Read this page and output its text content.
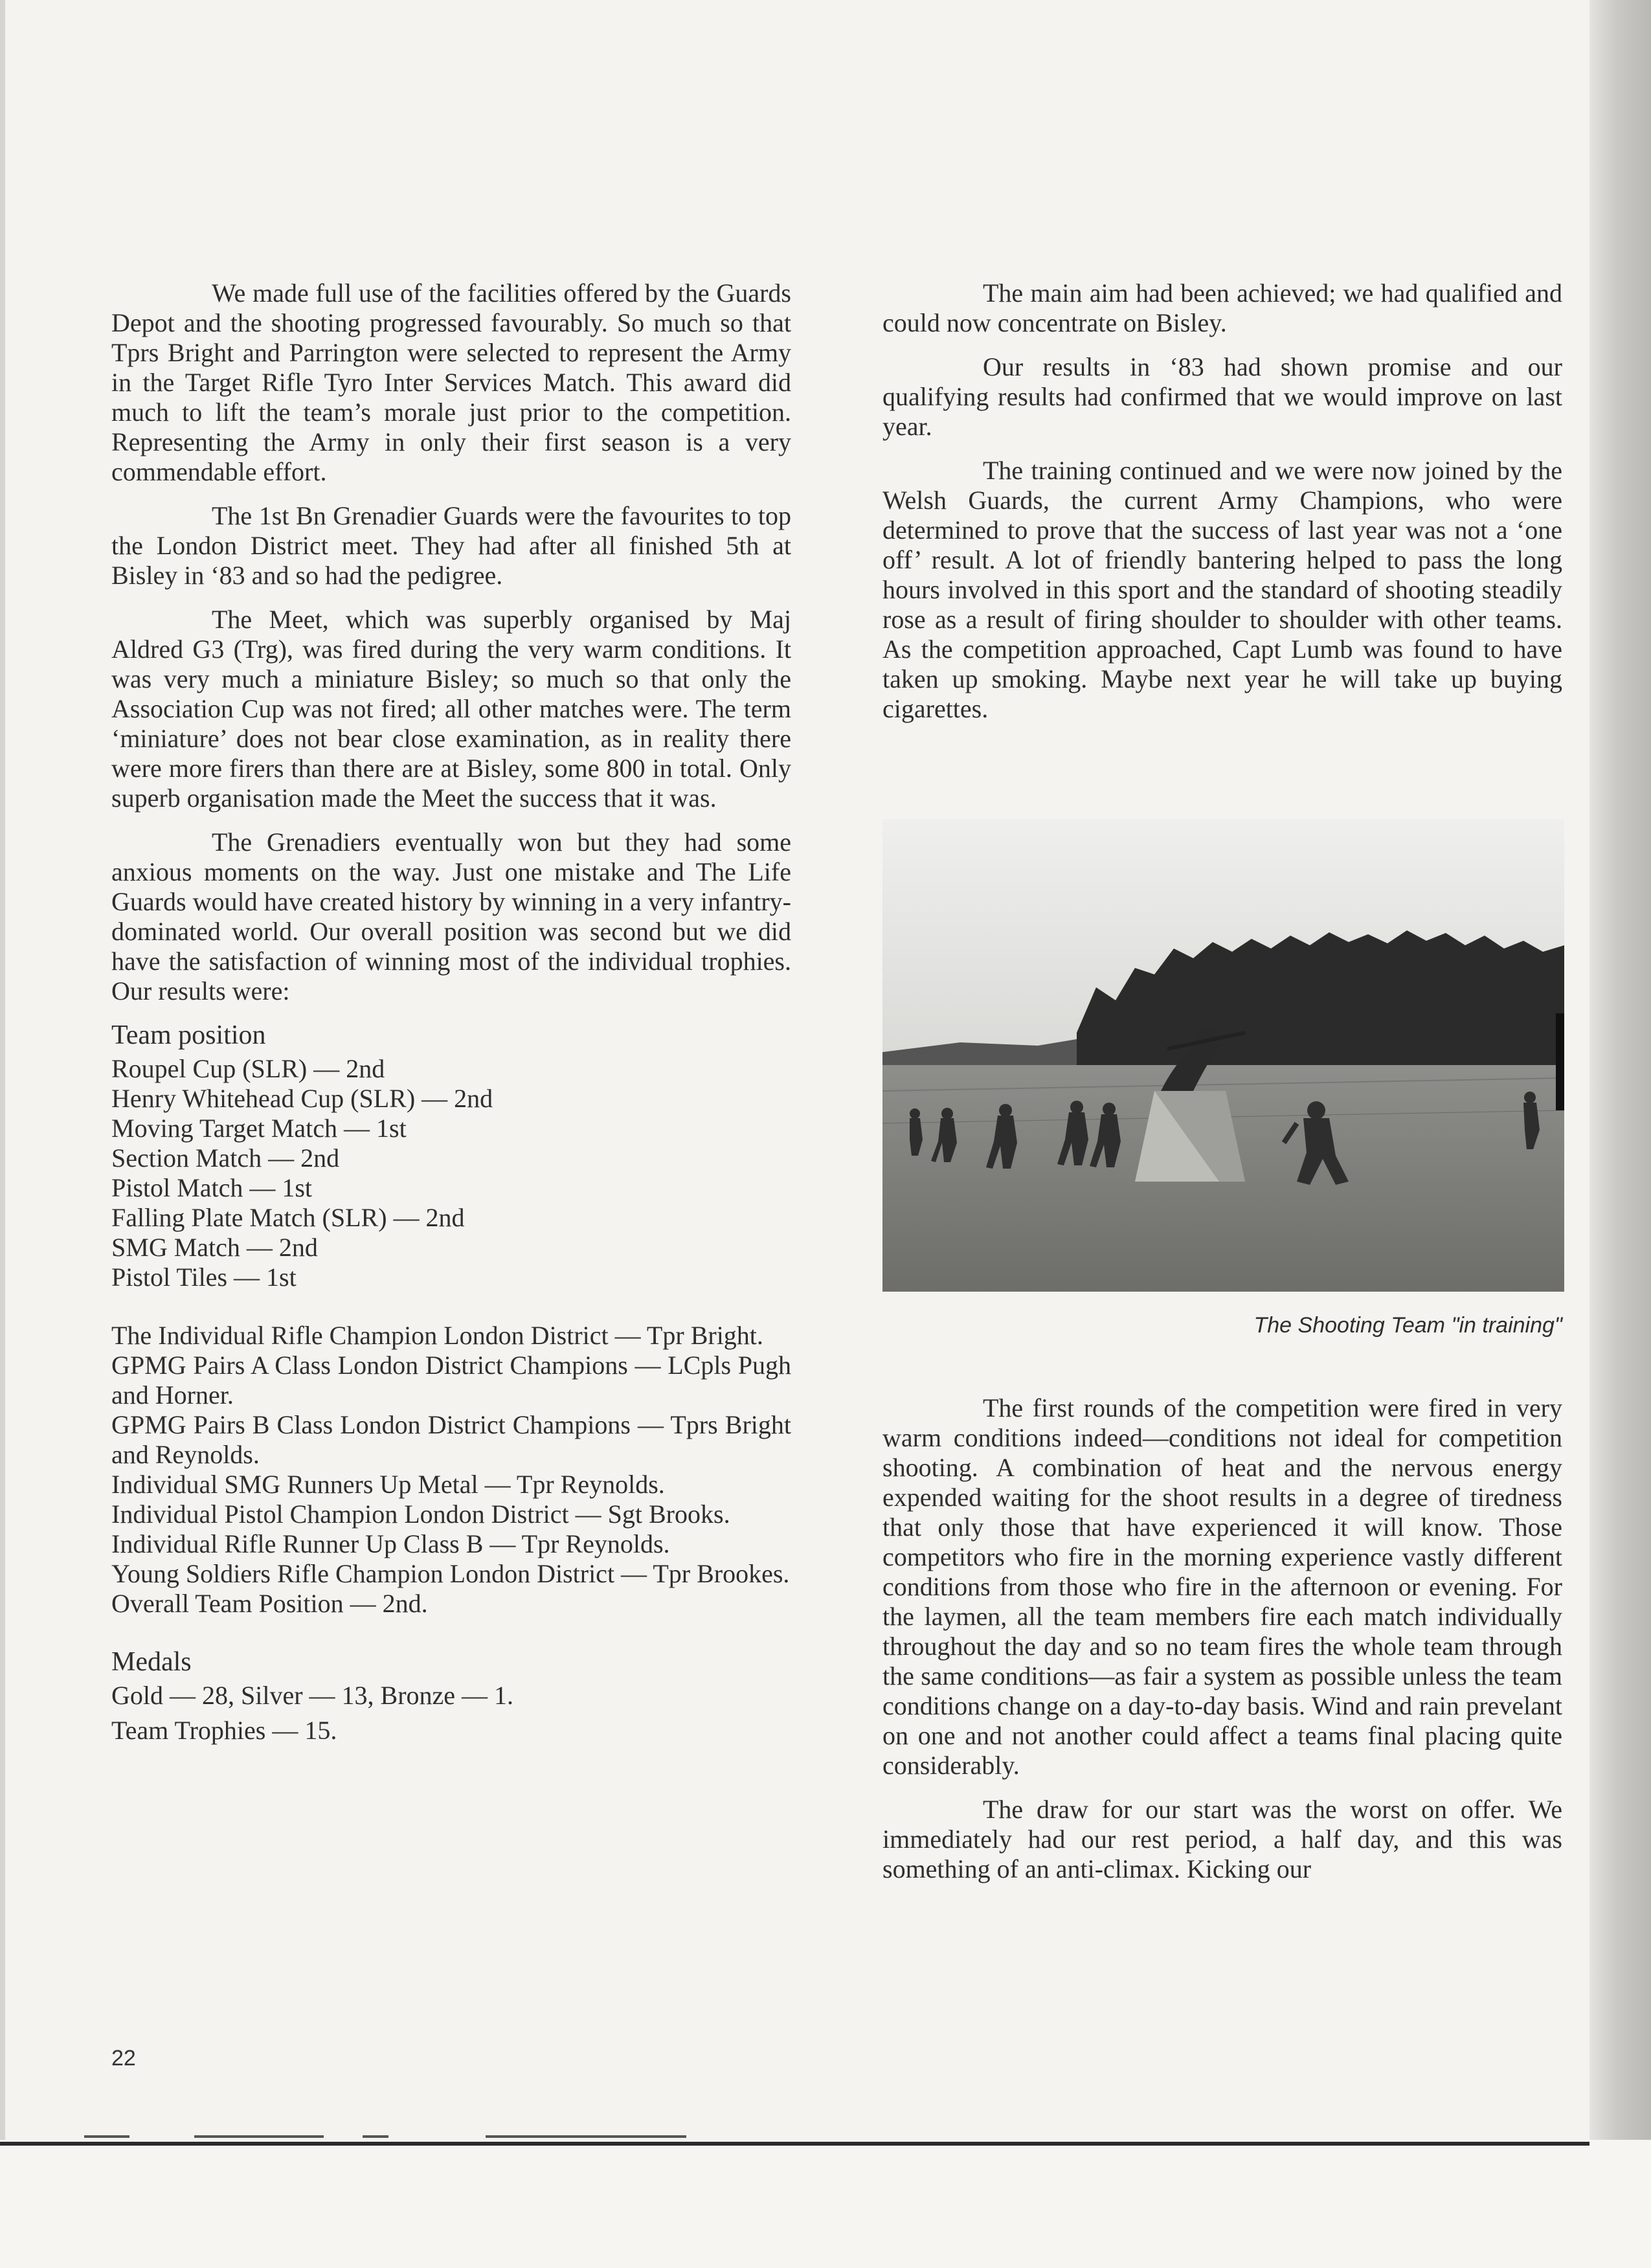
We made full use of the facilities offered by the Guards Depot and the shooting progressed favourably. So much so that Tprs Bright and Parrington were selected to represent the Army in the Target Rifle Tyro Inter Services Match. This award did much to lift the team’s morale just prior to the competition. Representing the Army in only their first season is a very commendable effort.

The 1st Bn Grenadier Guards were the favourites to top the London District meet. They had after all finished 5th at Bisley in ‘83 and so had the pedigree.

The Meet, which was superbly organised by Maj Aldred G3 (Trg), was fired during the very warm conditions. It was very much a miniature Bisley; so much so that only the Association Cup was not fired; all other matches were. The term ‘miniature’ does not bear close examination, as in reality there were more firers than there are at Bisley, some 800 in total. Only superb organisation made the Meet the success that it was.

The Grenadiers eventually won but they had some anxious moments on the way. Just one mistake and The Life Guards would have created history by winning in a very infantry-dominated world. Our overall position was second but we did have the satisfaction of winning most of the individual trophies. Our results were:

Team position
Roupel Cup (SLR) — 2nd
Henry Whitehead Cup (SLR) — 2nd
Moving Target Match — 1st
Section Match — 2nd
Pistol Match — 1st
Falling Plate Match (SLR) — 2nd
SMG Match — 2nd
Pistol Tiles — 1st

The Individual Rifle Champion London District — Tpr Bright.

GPMG Pairs A Class London District Champions — LCpls Pugh and Horner.

GPMG Pairs B Class London District Champions — Tprs Bright and Reynolds.

Individual SMG Runners Up Metal — Tpr Reynolds.

Individual Pistol Champion London District — Sgt Brooks.

Individual Rifle Runner Up Class B — Tpr Reynolds.

Young Soldiers Rifle Champion London District — Tpr Brookes.

Overall Team Position — 2nd.

Medals
Gold — 28, Silver — 13, Bronze — 1.
Team Trophies — 15.

The main aim had been achieved; we had qualified and could now concentrate on Bisley.

Our results in ‘83 had shown promise and our qualifying results had confirmed that we would improve on last year.

The training continued and we were now joined by the Welsh Guards, the current Army Champions, who were determined to prove that the success of last year was not a ‘one off’ result. A lot of friendly bantering helped to pass the long hours involved in this sport and the standard of shooting steadily rose as a result of firing shoulder to shoulder with other teams. As the competition approached, Capt Lumb was found to have taken up smoking. Maybe next year he will take up buying cigarettes.

The Shooting Team "in training"

The first rounds of the competition were fired in very warm conditions indeed—conditions not ideal for competition shooting. A combination of heat and the nervous energy expended waiting for the shoot results in a degree of tiredness that only those that have experienced it will know. Those competitors who fire in the morning experience vastly different conditions from those who fire in the afternoon or evening. For the laymen, all the team members fire each match individually throughout the day and so no team fires the whole team through the same conditions—as fair a system as possible unless the team conditions change on a day-to-day basis. Wind and rain prevelant on one and not another could affect a teams final placing quite considerably.

The draw for our start was the worst on offer. We immediately had our rest period, a half day, and this was something of an anti-climax. Kicking our

22
